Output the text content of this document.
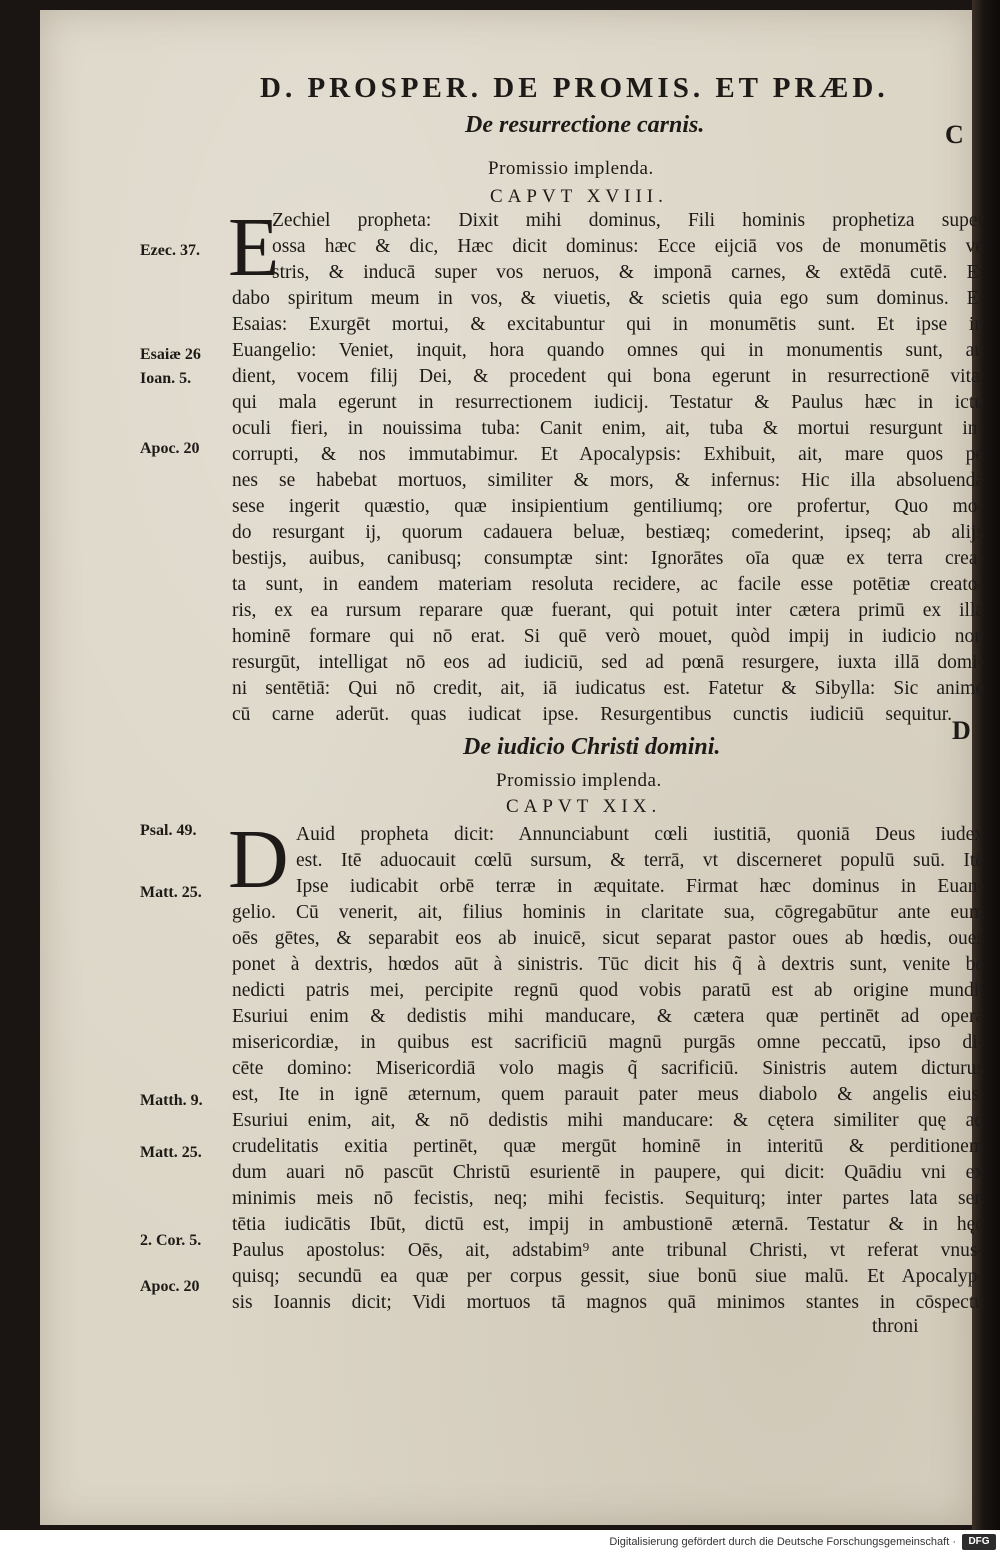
D. PROSPER. DE PROMIS. ET PRÆD.
C
De resurrectione carnis.
Promissio implenda.
CAPVT XVIII.
E
Ezec. 37.
Esaiæ 26
Ioan. 5.
Apoc. 20
Zechiel propheta: Dixit mihi dominus, Fili hominis prophetiza super
ossa hæc & dic, Hæc dicit dominus: Ecce eijciā vos de monumētis ve
stris, & inducā super vos neruos, & imponā carnes, & extēdā cutē. Et
dabo spiritum meum in vos, & viuetis, & scietis quia ego sum dominus. Et
Esaias: Exurgēt mortui, & excitabuntur qui in monumētis sunt. Et ipse in
Euangelio: Veniet, inquit, hora quando omnes qui in monumentis sunt, au
dient, vocem filij Dei, & procedent qui bona egerunt in resurrectionē vitæ
qui mala egerunt in resurrectionem iudicij. Testatur & Paulus hæc in ictu
oculi fieri, in nouissima tuba: Canit enim, ait, tuba & mortui resurgunt in-
corrupti, & nos immutabimur. Et Apocalypsis: Exhibuit, ait, mare quos pe
nes se habebat mortuos, similiter & mors, & infernus: Hic illa absoluenda
sese ingerit quæstio, quæ insipientium gentiliumq; ore profertur, Quo mo-
do resurgant ij, quorum cadauera beluæ, bestiæq; comederint, ipseq; ab alijs
bestijs, auibus, canibusq; consumptæ sint: Ignorātes oīa quæ ex terra crea-
ta sunt, in eandem materiam resoluta recidere, ac facile esse potētiæ creato-
ris, ex ea rursum reparare quæ fuerant, qui potuit inter cætera primū ex illa
hominē formare qui nō erat. Si quē verò mouet, quòd impij in iudicio non
resurgūt, intelligat nō eos ad iudiciū, sed ad pœnā resurgere, iuxta illā domi-
ni sentētiā: Qui nō credit, ait, iā iudicatus est. Fatetur & Sibylla: Sic animę
cū carne aderūt. quas iudicat ipse. Resurgentibus cunctis iudiciū sequitur.
D
De iudicio Christi domini.
Promissio implenda.
CAPVT XIX.
D
Psal. 49.
Matt. 25.
Matth. 9.
Matt. 25.
2. Cor. 5.
Apoc. 20
Auid propheta dicit: Annunciabunt cœli iustitiā, quoniā Deus iudex
est. Itē aduocauit cœlū sursum, & terrā, vt discerneret populū suū. Itē
Ipse iudicabit orbē terræ in æquitate. Firmat hæc dominus in Euan-
gelio. Cū venerit, ait, filius hominis in claritate sua, cōgregabūtur ante eum
oēs gētes, & separabit eos ab inuicē, sicut separat pastor oues ab hœdis, oues
ponet à dextris, hœdos aūt à sinistris. Tūc dicit his q̃ à dextris sunt, venite be
nedicti patris mei, percipite regnū quod vobis paratū est ab origine mundi.
Esuriui enim & dedistis mihi manducare, & cætera quæ pertinēt ad opera
misericordiæ, in quibus est sacrificiū magnū purgās omne peccatū, ipso di-
cēte domino: Misericordiā volo magis q̃ sacrificiū. Sinistris autem dicturus
est, Ite in ignē æternum, quem parauit pater meus diabolo & angelis eius.
Esuriui enim, ait, & nō dedistis mihi manducare: & cętera similiter quę ad
crudelitatis exitia pertinēt, quæ mergūt hominē in interitū & perditionem
dum auari nō pascūt Christū esurientē in paupere, qui dicit: Quādiu vni ex
minimis meis nō fecistis, neq; mihi fecistis. Sequiturq; inter partes lata sen
tētia iudicātis Ibūt, dictū est, impij in ambustionē æternā. Testatur & in hęc
Paulus apostolus: Oēs, ait, adstabim⁹ ante tribunal Christi, vt referat vnus-
quisq; secundū ea quæ per corpus gessit, siue bonū siue malū. Et Apocalyp-
sis Ioannis dicit; Vidi mortuos tā magnos quā minimos stantes in cōspectu
throni
Digitalisierung gefördert durch die Deutsche Forschungsgemeinschaft ·	DFG
